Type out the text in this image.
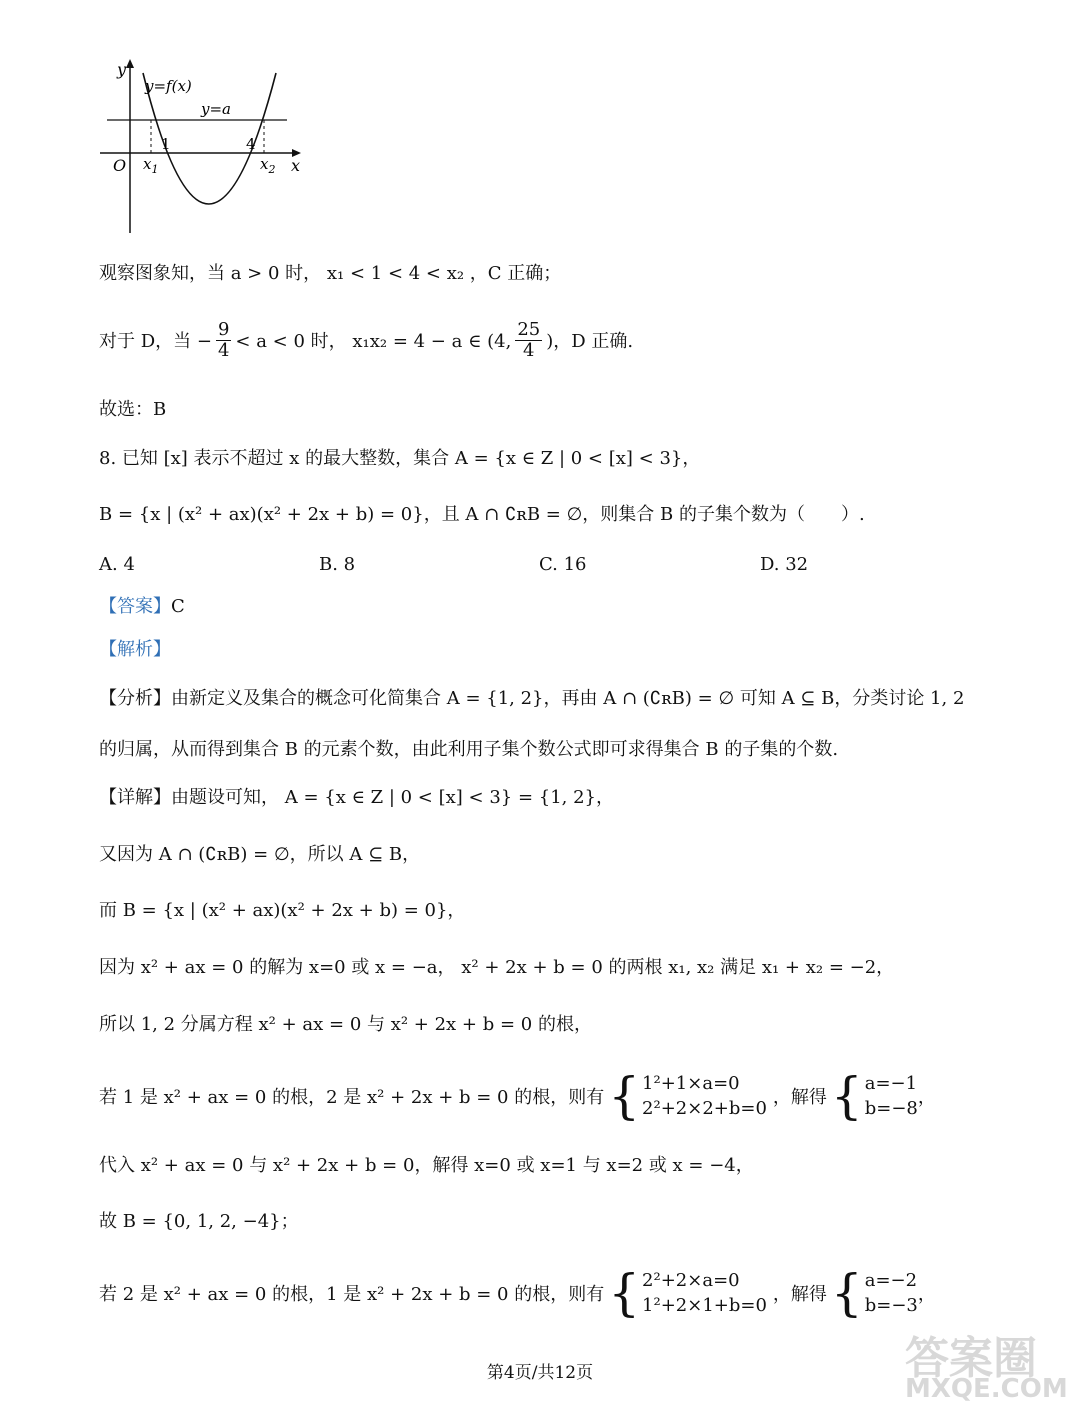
y
x
O
y=f(x)
y=a
1	4
$x_1$	$x_2$
观察图象知，当 a > 0 时， x₁ < 1 < 4 < x₂ ，C 正确；
对于 D，当 − $\frac{9}{4} < a < 0$ 时， x₁x₂ = 4 − a ∈ (4, $\frac{25}{4}$ )，D 正确.
故选：B
8. 已知 [x] 表示不超过 x 的最大整数，集合 A = {x ∈ Z | 0 < [x] < 3}，
B = {x | (x² + ax)(x² + 2x + b) = 0}，且 A ∩ ∁ʀB = ∅，则集合 B 的子集个数为（　　）.
A. 4	B. 8	C. 16	D. 32
【答案】C
【解析】
【分析】由新定义及集合的概念可化简集合 A = {1, 2}，再由 A ∩ (∁ʀB) = ∅ 可知 A ⊆ B，分类讨论 1, 2
的归属，从而得到集合 B 的元素个数，由此利用子集个数公式即可求得集合 B 的子集的个数.
【详解】由题设可知， A = {x ∈ Z | 0 < [x] < 3} = {1, 2}，
又因为 A ∩ (∁ʀB) = ∅，所以 A ⊆ B，
而 B = {x | (x² + ax)(x² + 2x + b) = 0}，
因为 x² + ax = 0 的解为 x=0 或 x = −a， x² + 2x + b = 0 的两根 x₁, x₂ 满足 x₁ + x₂ = −2，
所以 1, 2 分属方程 x² + ax = 0 与 x² + 2x + b = 0 的根，
若 1 是 x² + ax = 0 的根，2 是 x² + 2x + b = 0 的根，则有 { 1²+1×a=0
2²+2×2+b=0
，解得 { a=−1
b=−8
，
代入 x² + ax = 0 与 x² + 2x + b = 0，解得 x=0 或 x=1 与 x=2 或 x = −4，
故 B = {0, 1, 2, −4}；
若 2 是 x² + ax = 0 的根，1 是 x² + 2x + b = 0 的根，则有 { 2²+2×a=0
1²+2×1+b=0
，解得 { a=−2
b=−3
，
第4页/共12页	答案圈
MXQE.COM
